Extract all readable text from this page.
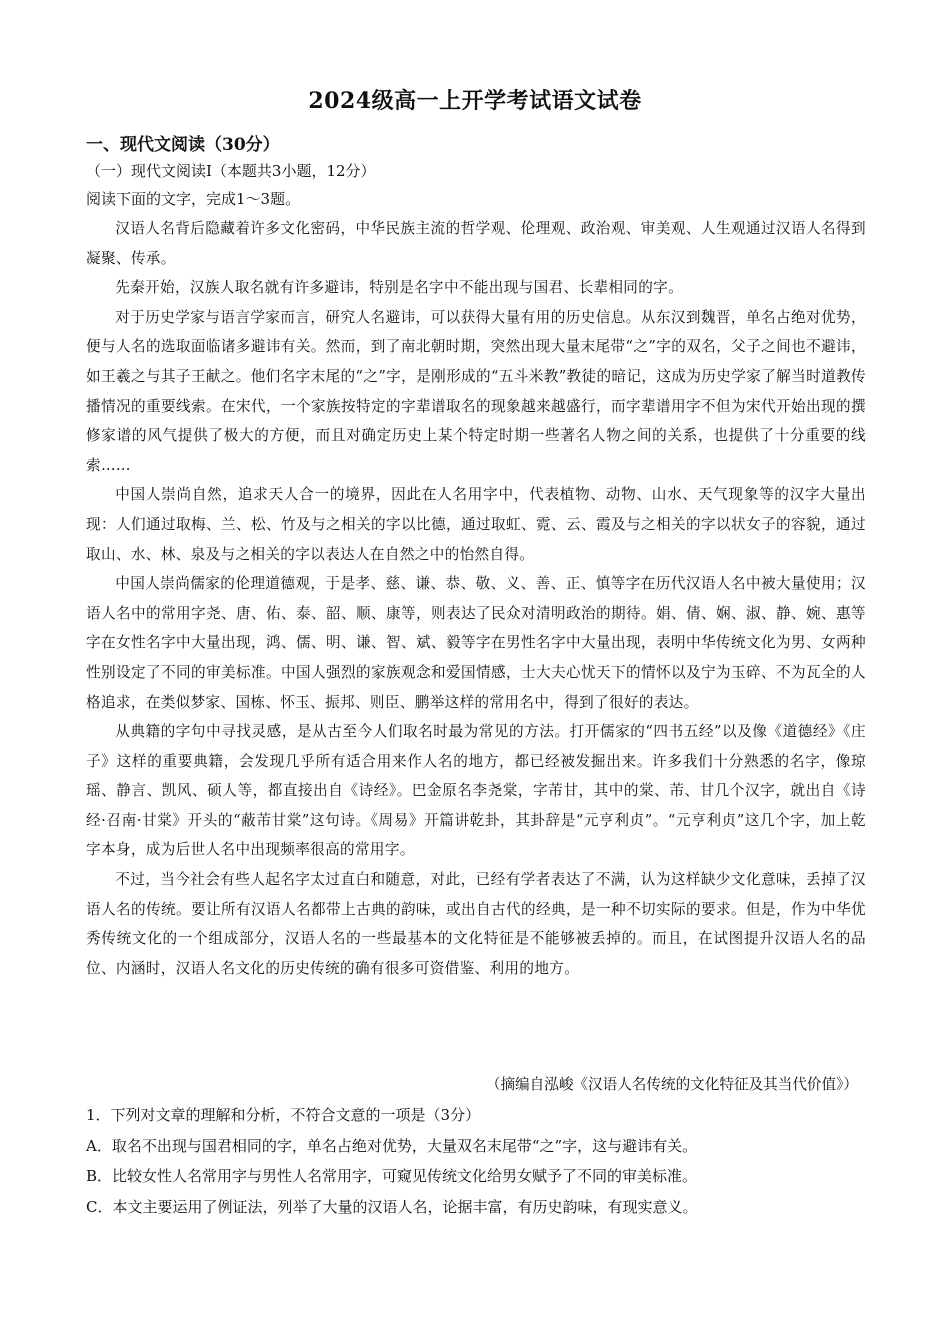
2024级高一上开学考试语文试卷
一、现代文阅读（30分）
（一）现代文阅读Ⅰ（本题共3小题，12分）
阅读下面的文字，完成1～3题。

汉语人名背后隐藏着许多文化密码，中华民族主流的哲学观、伦理观、政治观、审美观、人生观通过汉语人名得到凝聚、传承。

先秦开始，汉族人取名就有许多避讳，特别是名字中不能出现与国君、长辈相同的字。

对于历史学家与语言学家而言，研究人名避讳，可以获得大量有用的历史信息。从东汉到魏晋，单名占绝对优势，便与人名的选取面临诸多避讳有关。然而，到了南北朝时期，突然出现大量末尾带“之”字的双名，父子之间也不避讳，如王羲之与其子王献之。他们名字末尾的“之”字，是刚形成的“五斗米教”教徒的暗记，这成为历史学家了解当时道教传播情况的重要线索。在宋代，一个家族按特定的字辈谱取名的现象越来越盛行，而字辈谱用字不但为宋代开始出现的撰修家谱的风气提供了极大的方便，而且对确定历史上某个特定时期一些著名人物之间的关系，也提供了十分重要的线索……

中国人崇尚自然，追求天人合一的境界，因此在人名用字中，代表植物、动物、山水、天气现象等的汉字大量出现：人们通过取梅、兰、松、竹及与之相关的字以比德，通过取虹、霓、云、霞及与之相关的字以状女子的容貌，通过取山、水、林、泉及与之相关的字以表达人在自然之中的怡然自得。

中国人崇尚儒家的伦理道德观，于是孝、慈、谦、恭、敬、义、善、正、慎等字在历代汉语人名中被大量使用；汉语人名中的常用字尧、唐、佑、泰、韶、顺、康等，则表达了民众对清明政治的期待。娟、倩、娴、淑、静、婉、惠等字在女性名字中大量出现，鸿、儒、明、谦、智、斌、毅等字在男性名字中大量出现，表明中华传统文化为男、女两种性别设定了不同的审美标准。中国人强烈的家族观念和爱国情感，士大夫心忧天下的情怀以及宁为玉碎、不为瓦全的人格追求，在类似梦家、国栋、怀玉、振邦、则臣、鹏举这样的常用名中，得到了很好的表达。

从典籍的字句中寻找灵感，是从古至今人们取名时最为常见的方法。打开儒家的“四书五经”以及像《道德经》《庄子》这样的重要典籍，会发现几乎所有适合用来作人名的地方，都已经被发掘出来。许多我们十分熟悉的名字，像琼瑶、静言、凯风、硕人等，都直接出自《诗经》。巴金原名李尧棠，字芾甘，其中的棠、芾、甘几个汉字，就出自《诗经·召南·甘棠》开头的“蔽芾甘棠”这句诗。《周易》开篇讲乾卦，其卦辞是“元亨利贞”。“元亨利贞”这几个字，加上乾字本身，成为后世人名中出现频率很高的常用字。

不过，当今社会有些人起名字太过直白和随意，对此，已经有学者表达了不满，认为这样缺少文化意味，丢掉了汉语人名的传统。要让所有汉语人名都带上古典的韵味，或出自古代的经典，是一种不切实际的要求。但是，作为中华优秀传统文化的一个组成部分，汉语人名的一些最基本的文化特征是不能够被丢掉的。而且，在试图提升汉语人名的品位、内涵时，汉语人名文化的历史传统的确有很多可资借鉴、利用的地方。

（摘编自泓峻《汉语人名传统的文化特征及其当代价值》）
1．下列对文章的理解和分析，不符合文意的一项是（3分）
A．取名不出现与国君相同的字，单名占绝对优势，大量双名末尾带“之”字，这与避讳有关。
B．比较女性人名常用字与男性人名常用字，可窥见传统文化给男女赋予了不同的审美标准。
C．本文主要运用了例证法，列举了大量的汉语人名，论据丰富，有历史韵味，有现实意义。
